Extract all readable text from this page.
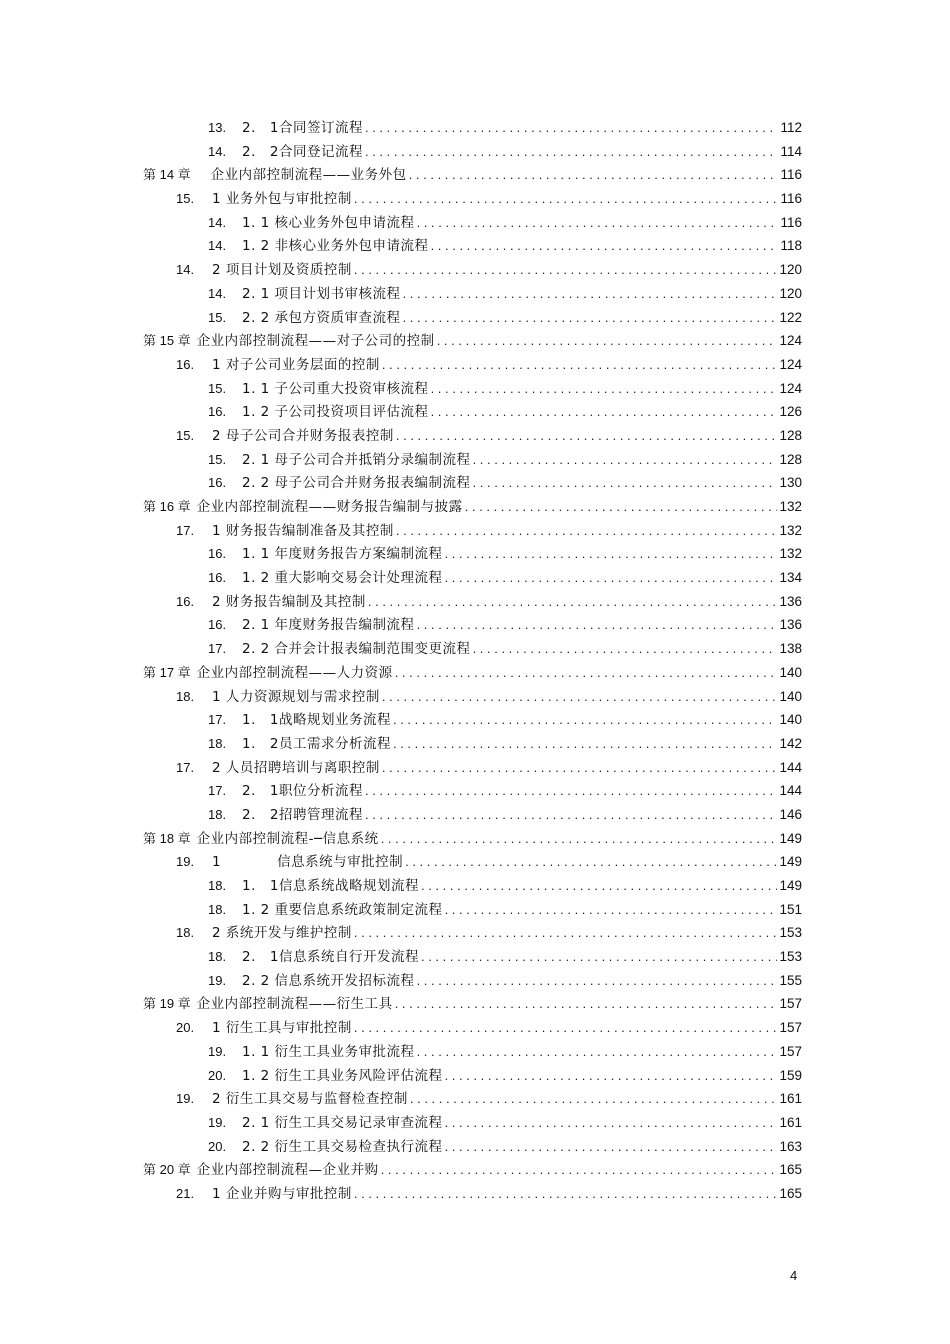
13.	2.　1合同签订流程 . . .	112
14.	2.　2合同登记流程 . . .	114
第 14 章 　企业内部控制流程——业务外包 . . .	116
15.	1 业务外包与审批控制 . . .	116
14.	1. 1 核心业务外包申请流程 . . .	116
14.	1. 2 非核心业务外包申请流程 . . .	118
14.	2 项目计划及资质控制 . . .	120
14.	2. 1 项目计划书审核流程 . . .	120
15.	2. 2 承包方资质审查流程 . . .	122
第 15 章 企业内部控制流程——对子公司的控制 . . .	124
16.	1 对子公司业务层面的控制 . . .	124
15.	1. 1 子公司重大投资审核流程 . . .	124
16.	1. 2 子公司投资项目评估流程 . . .	126
15.	2 母子公司合并财务报表控制 . . .	128
15.	2. 1 母子公司合并抵销分录编制流程 . . .	128
16.	2. 2 母子公司合并财务报表编制流程 . . .	130
第 16 章 企业内部控制流程——财务报告编制与披露 . . .	132
17.	1 财务报告编制准备及其控制 . . .	132
16.	1. 1 年度财务报告方案编制流程 . . .	132
16.	1. 2 重大影响交易会计处理流程 . . .	134
16.	2 财务报告编制及其控制 . . .	136
16.	2. 1 年度财务报告编制流程 . . .	136
17.	2. 2 合并会计报表编制范围变更流程 . . .	138
第 17 章 企业内部控制流程——人力资源 . . .	140
18.	1 人力资源规划与需求控制 . . .	140
17.	1.　1战略规划业务流程 . . .	140
18.	1.　2员工需求分析流程 . . .	142
17.	2 人员招聘培训与离职控制 . . .	144
17.	2.　1职位分析流程 . . .	144
18.	2.　2招聘管理流程 . . .	146
第 18 章 企业内部控制流程-─信息系统 . . .	149
19.	1　　　　信息系统与审批控制 . . .	149
18.	1.　1信息系统战略规划流程 . . .	149
18.	1. 2 重要信息系统政策制定流程 . . .	151
18.	2 系统开发与维护控制 . . .	153
18.	2.　1信息系统自行开发流程 . . .	153
19.	2. 2 信息系统开发招标流程 . . .	155
第 19 章 企业内部控制流程——衍生工具 . . .	157
20.	1 衍生工具与审批控制 . . .	157
19.	1. 1 衍生工具业务审批流程 . . .	157
20.	1. 2 衍生工具业务风险评估流程 . . .	159
19.	2 衍生工具交易与监督检查控制 . . .	161
19.	2. 1 衍生工具交易记录审查流程 . . .	161
20.	2. 2 衍生工具交易检查执行流程 . . .	163
第 20 章 企业内部控制流程—企业并购 . . .	165
21.	1 企业并购与审批控制 . . .	165
4
